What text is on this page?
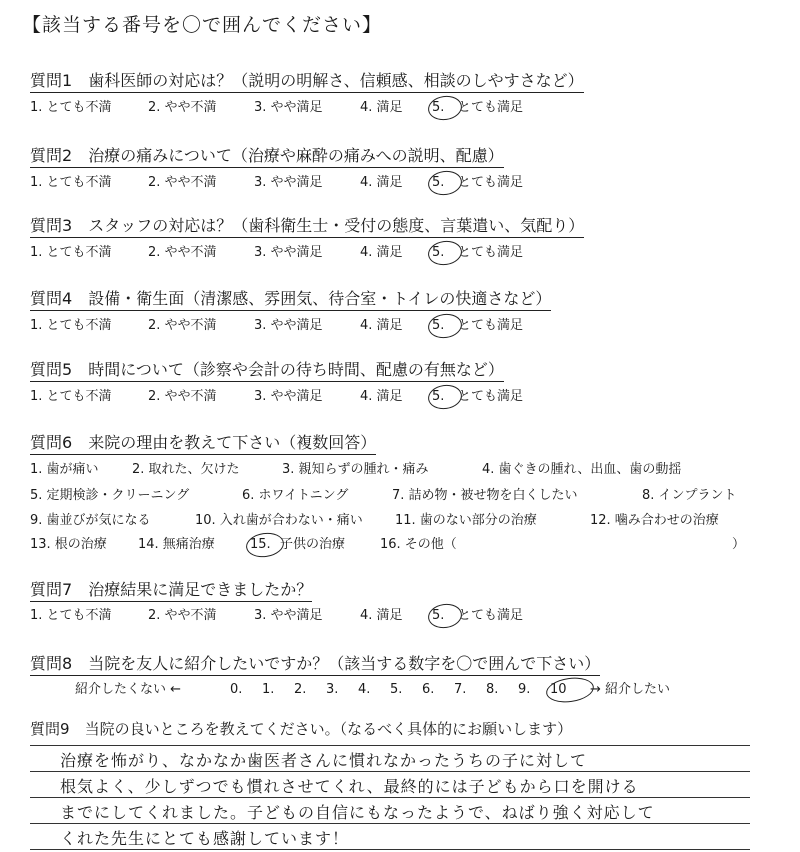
【該当する番号を〇で囲んでください】
質問1　 歯科医師の対応は？（説明の明解さ、信頼感、相談のしやすさなど）
1. とても不満	2. やや不満	3. やや満足	4. 満足 5. とても満足
質問2　 治療の痛みについて（治療や麻酔の痛みへの説明、配慮）
1. とても不満	2. やや不満	3. やや満足	4. 満足 5. とても満足
質問3　 スタッフの対応は？（歯科衛生士・受付の態度、言葉遣い、気配り）
1. とても不満	2. やや不満	3. やや満足	4. 満足 5. とても満足
質問4　 設備・衛生面（清潔感、雰囲気、待合室・トイレの快適さなど）
1. とても不満	2. やや不満	3. やや満足	4. 満足 5. とても満足
質問5　 時間について（診察や会計の待ち時間、配慮の有無など）
1. とても不満	2. やや不満	3. やや満足	4. 満足 5. とても満足
質問6　 来院の理由を教えて下さい（複数回答）
1. 歯が痛い	2. 取れた、欠けた	3. 親知らずの腫れ・痛み	4. 歯ぐきの腫れ、出血、歯の動揺
5. 定期検診・クリーニング	6. ホワイトニング	7. 詰め物・被せ物を白くしたい	8. インプラント
9. 歯並びが気になる	10. 入れ歯が合わない・痛い 11. 歯のない部分の治療	12. 噛み合わせの治療
13. 根の治療 14. 無痛治療	15. 子供の治療	16. その他（	）
質問7　 治療結果に満足できましたか？
1. とても不満	2. やや不満	3. やや満足	4. 満足 5. とても満足
質問8　 当院を友人に紹介したいですか？（該当する数字を〇で囲んで下さい）
紹介したくない ←	0. 1. 2. 3. 4. 5. 6. 7. 8. 9. 10 → 紹介したい
質問9　 当院の良いところを教えてください。（なるべく具体的にお願いします）
治療を怖がり、なかなか歯医者さんに慣れなかったうちの子に対して
根気よく、少しずつでも慣れさせてくれ、最終的には子どもから口を開ける
までにしてくれました。子どもの自信にもなったようで、ねばり強く対応して
くれた先生にとても感謝しています！
